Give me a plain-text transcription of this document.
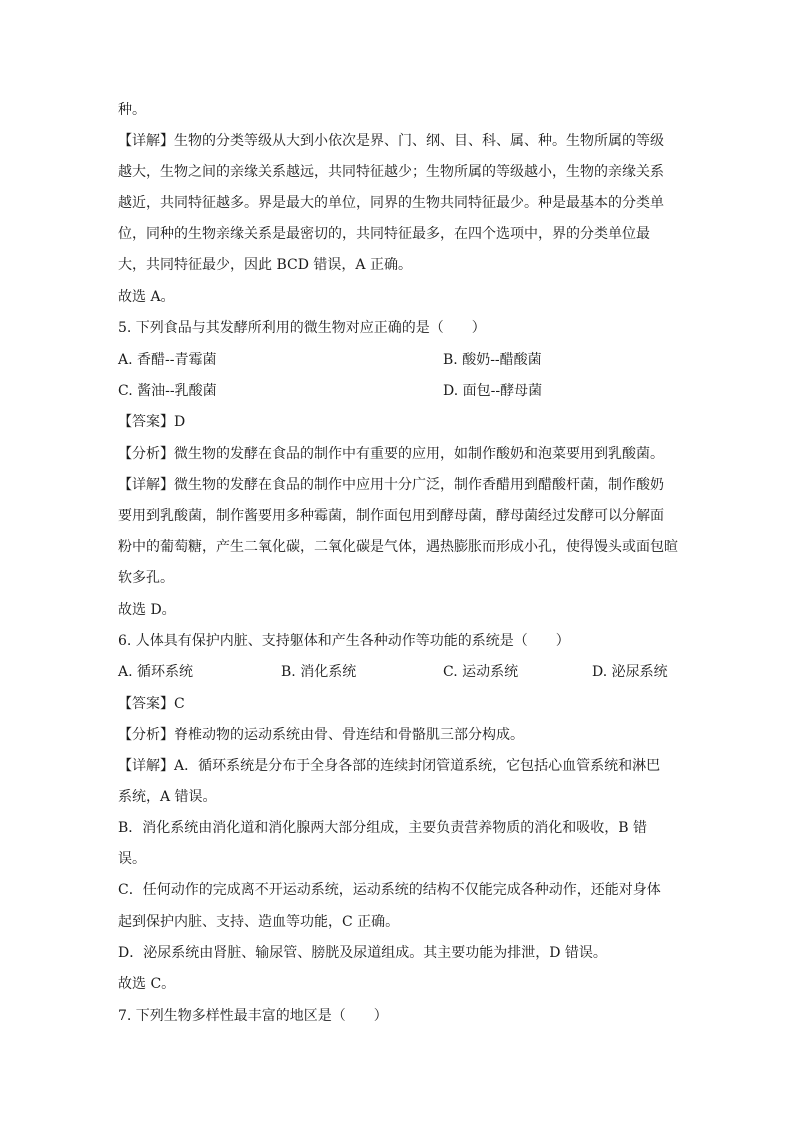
种。
【详解】生物的分类等级从大到小依次是界、门、纲、目、科、属、种。生物所属的等级
越大，生物之间的亲缘关系越远，共同特征越少；生物所属的等级越小，生物的亲缘关系
越近，共同特征越多。界是最大的单位，同界的生物共同特征最少。种是最基本的分类单
位，同种的生物亲缘关系是最密切的，共同特征最多，在四个选项中，界的分类单位最
大，共同特征最少，因此 BCD 错误，A 正确。
故选 A。
5. 下列食品与其发酵所利用的微生物对应正确的是（　　）
A. 香醋--青霉菌	B. 酸奶--醋酸菌
C. 酱油--乳酸菌	D. 面包--酵母菌
【答案】D
【分析】微生物的发酵在食品的制作中有重要的应用，如制作酸奶和泡菜要用到乳酸菌。
【详解】微生物的发酵在食品的制作中应用十分广泛，制作香醋用到醋酸杆菌，制作酸奶
要用到乳酸菌，制作酱要用多种霉菌，制作面包用到酵母菌，酵母菌经过发酵可以分解面
粉中的葡萄糖，产生二氧化碳，二氧化碳是气体，遇热膨胀而形成小孔，使得馒头或面包暄
软多孔。
故选 D。
6. 人体具有保护内脏、支持躯体和产生各种动作等功能的系统是（　　）
A. 循环系统	B. 消化系统	C. 运动系统	D. 泌尿系统
【答案】C
【分析】脊椎动物的运动系统由骨、骨连结和骨骼肌三部分构成。
【详解】A．循环系统是分布于全身各部的连续封闭管道系统，它包括心血管系统和淋巴
系统，A 错误。
B．消化系统由消化道和消化腺两大部分组成，主要负责营养物质的消化和吸收，B 错
误。
C．任何动作的完成离不开运动系统，运动系统的结构不仅能完成各种动作，还能对身体
起到保护内脏、支持、造血等功能，C 正确。
D．泌尿系统由肾脏、输尿管、膀胱及尿道组成。其主要功能为排泄，D 错误。
故选 C。
7. 下列生物多样性最丰富的地区是（　　）
